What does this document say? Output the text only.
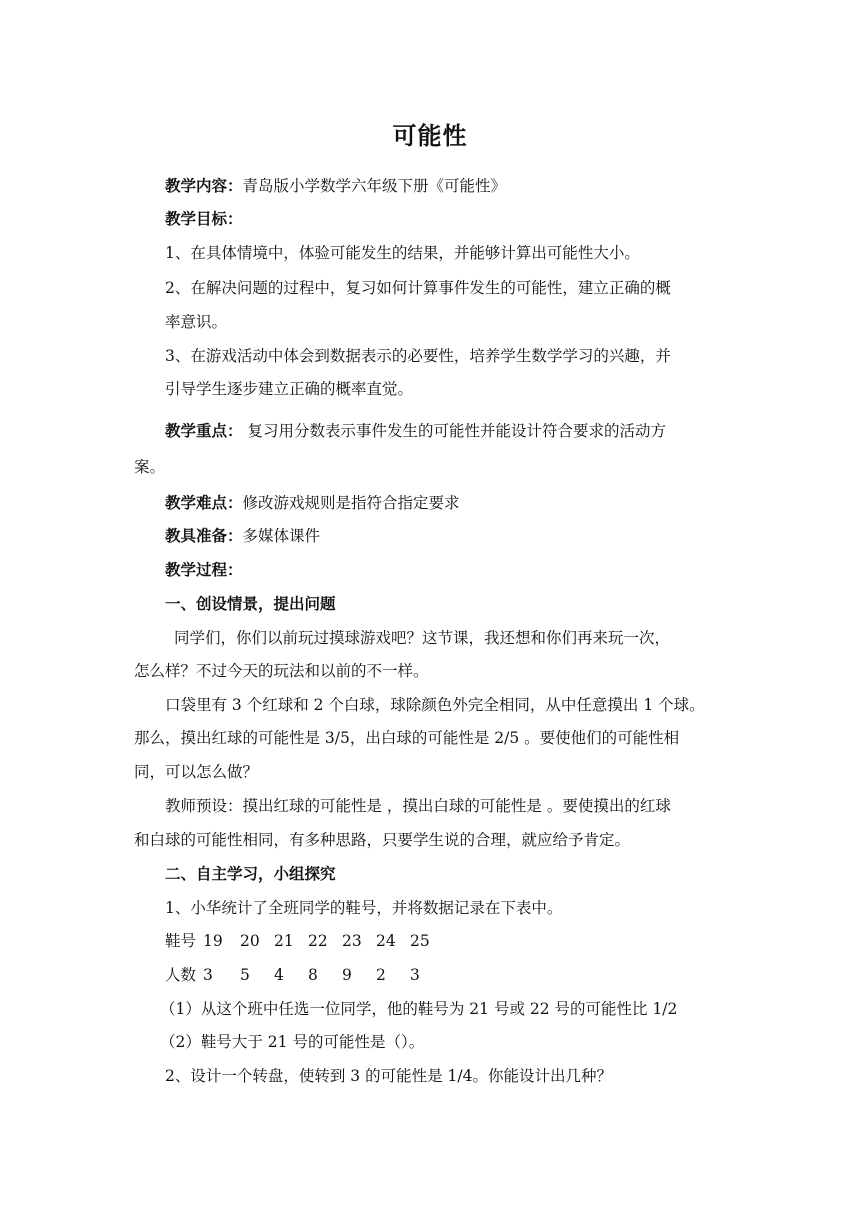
可能性
教学内容：青岛版小学数学六年级下册《可能性》
教学目标：
1、在具体情境中，体验可能发生的结果，并能够计算出可能性大小。
2、在解决问题的过程中，复习如何计算事件发生的可能性，建立正确的概
率意识。
3、在游戏活动中体会到数据表示的必要性，培养学生数学学习的兴趣，并
引导学生逐步建立正确的概率直觉。
教学重点： 复习用分数表示事件发生的可能性并能设计符合要求的活动方
案。
教学难点：修改游戏规则是指符合指定要求
教具准备：多媒体课件
教学过程：
一、创设情景，提出问题
同学们，你们以前玩过摸球游戏吧？这节课，我还想和你们再来玩一次，
怎么样？不过今天的玩法和以前的不一样。
口袋里有 3 个红球和 2 个白球，球除颜色外完全相同，从中任意摸出 1 个球。
那么，摸出红球的可能性是 3/5，出白球的可能性是 2/5 。要使他们的可能性相
同，可以怎么做？
教师预设：摸出红球的可能性是 ，摸出白球的可能性是 。要使摸出的红球
和白球的可能性相同，有多种思路，只要学生说的合理，就应给予肯定。
二、自主学习，小组探究
1、小华统计了全班同学的鞋号，并将数据记录在下表中。
鞋号 19 20 21 22 23 24 25
人数 3 5 4 8 9 2 3
（1）从这个班中任选一位同学，他的鞋号为 21 号或 22 号的可能性比 1/2
（2）鞋号大于 21 号的可能性是（）。
2、设计一个转盘，使转到 3 的可能性是 1/4。你能设计出几种？
